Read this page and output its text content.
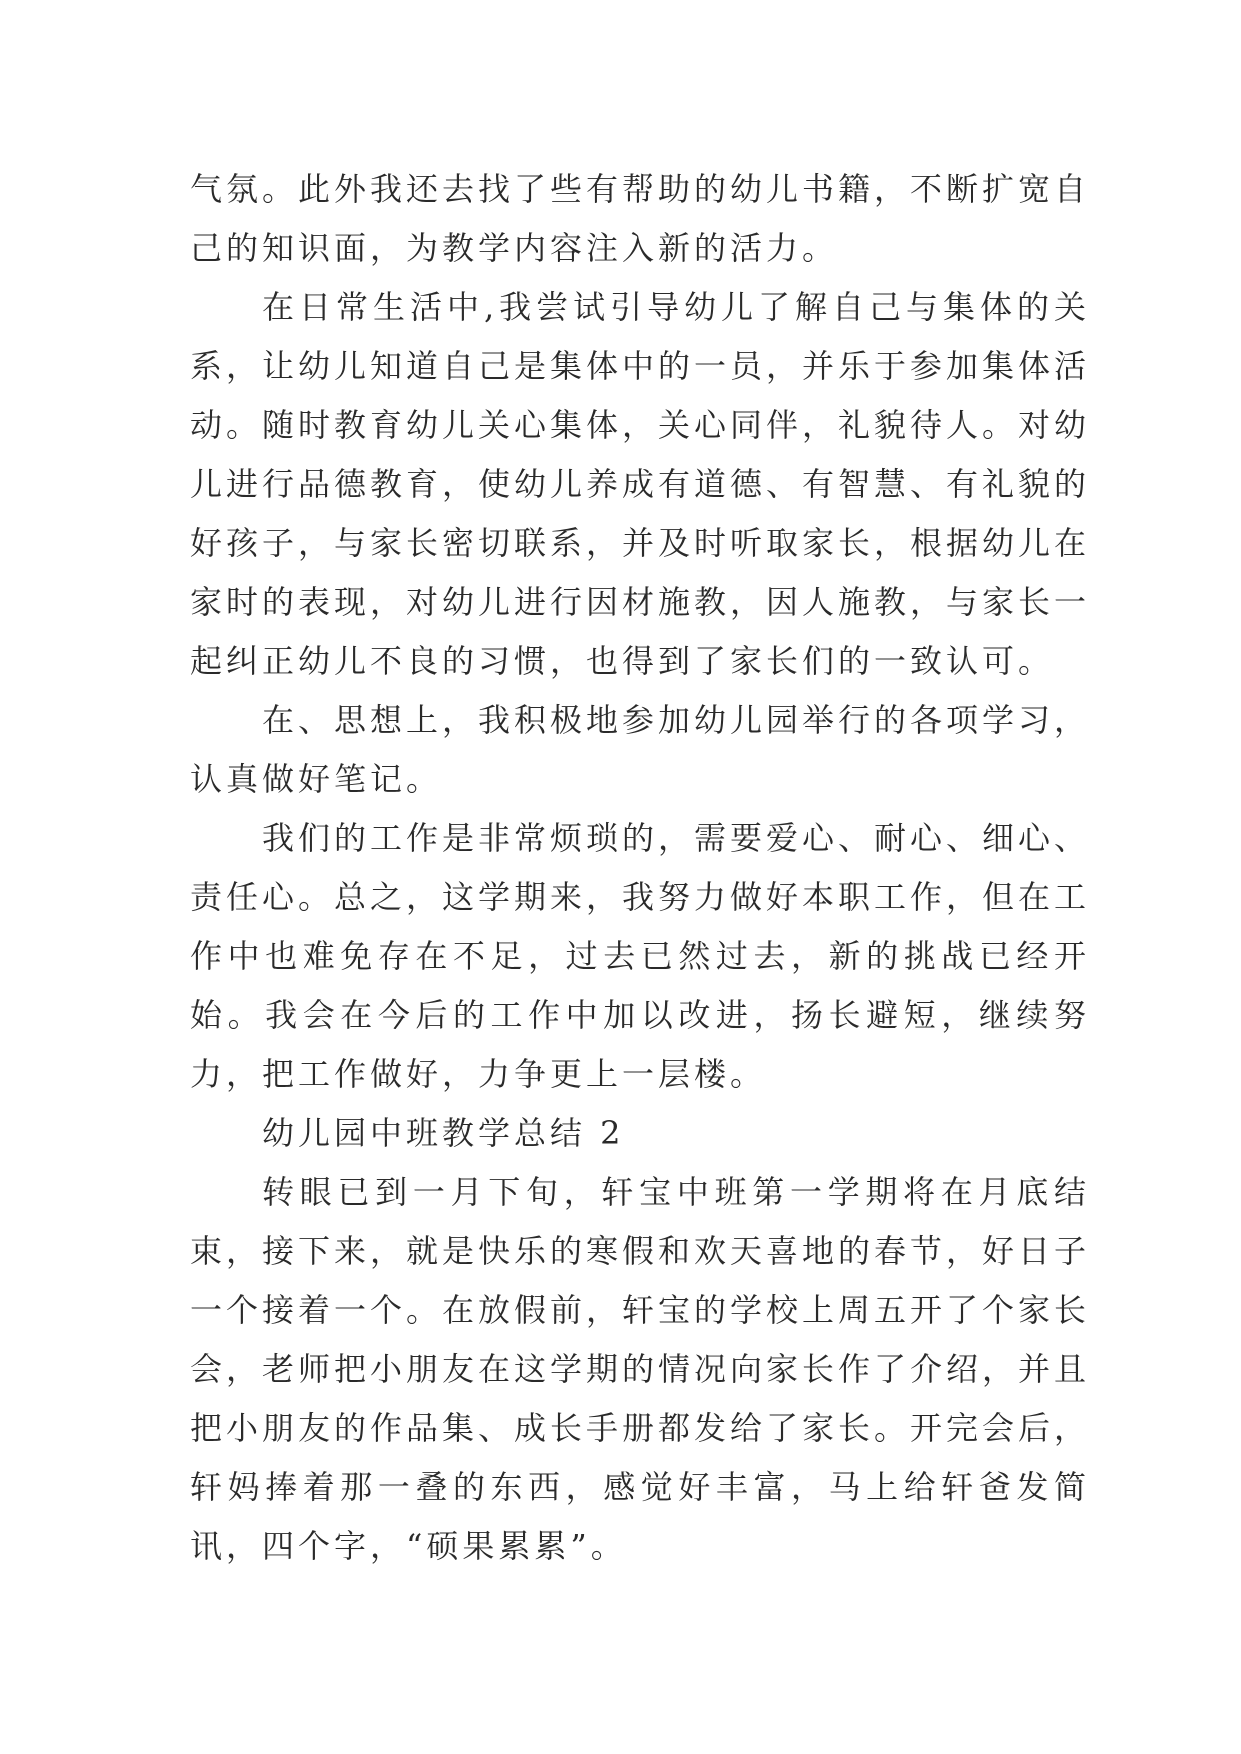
气氛。此外我还去找了些有帮助的幼儿书籍，不断扩宽自己的知识面，为教学内容注入新的活力。

在日常生活中,我尝试引导幼儿了解自己与集体的关系，让幼儿知道自己是集体中的一员，并乐于参加集体活动。随时教育幼儿关心集体，关心同伴，礼貌待人。对幼儿进行品德教育，使幼儿养成有道德、有智慧、有礼貌的好孩子，与家长密切联系，并及时听取家长，根据幼儿在家时的表现，对幼儿进行因材施教，因人施教，与家长一起纠正幼儿不良的习惯，也得到了家长们的一致认可。

在、思想上，我积极地参加幼儿园举行的各项学习，认真做好笔记。

我们的工作是非常烦琐的，需要爱心、耐心、细心、责任心。总之，这学期来，我努力做好本职工作，但在工作中也难免存在不足，过去已然过去，新的挑战已经开始。我会在今后的工作中加以改进，扬长避短，继续努力，把工作做好，力争更上一层楼。

幼儿园中班教学总结 2

转眼已到一月下旬，轩宝中班第一学期将在月底结束，接下来，就是快乐的寒假和欢天喜地的春节，好日子一个接着一个。在放假前，轩宝的学校上周五开了个家长会，老师把小朋友在这学期的情况向家长作了介绍，并且把小朋友的作品集、成长手册都发给了家长。开完会后，轩妈捧着那一叠的东西，感觉好丰富，马上给轩爸发简讯，四个字，“硕果累累”。
